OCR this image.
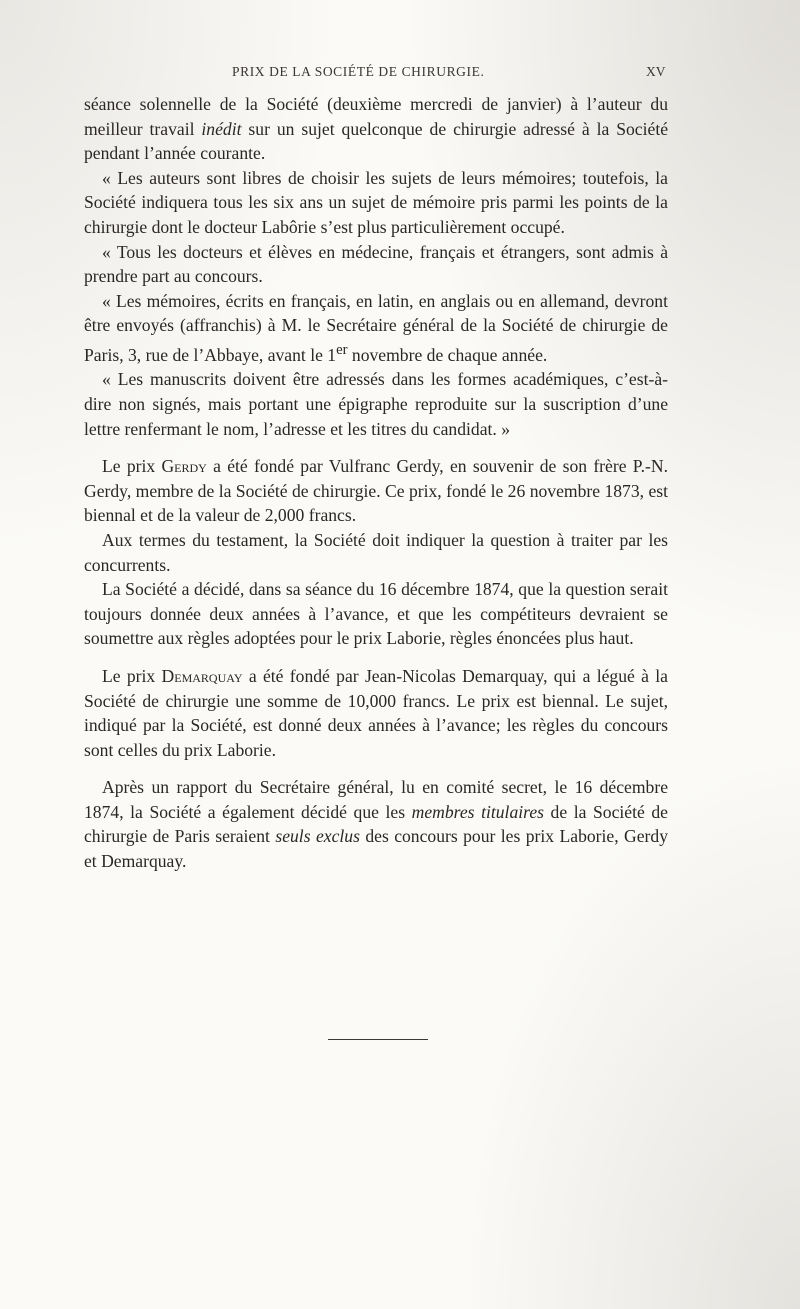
PRIX DE LA SOCIÉTÉ DE CHIRURGIE.	XV

séance solennelle de la Société (deuxième mercredi de janvier) à l’auteur du meilleur travail inédit sur un sujet quelconque de chirurgie adressé à la Société pendant l’année courante.

« Les auteurs sont libres de choisir les sujets de leurs mémoires; toutefois, la Société indiquera tous les six ans un sujet de mémoire pris parmi les points de la chirurgie dont le docteur Labôrie s’est plus particulièrement occupé.

« Tous les docteurs et élèves en médecine, français et étrangers, sont admis à prendre part au concours.

« Les mémoires, écrits en français, en latin, en anglais ou en allemand, devront être envoyés (affranchis) à M. le Secrétaire général de la Société de chirurgie de Paris, 3, rue de l’Abbaye, avant le 1er novembre de chaque année.

« Les manuscrits doivent être adressés dans les formes académiques, c’est-à-dire non signés, mais portant une épigraphe reproduite sur la suscription d’une lettre renfermant le nom, l’adresse et les titres du candidat. »

Le prix Gerdy a été fondé par Vulfranc Gerdy, en souvenir de son frère P.-N. Gerdy, membre de la Société de chirurgie. Ce prix, fondé le 26 novembre 1873, est biennal et de la valeur de 2,000 francs.

Aux termes du testament, la Société doit indiquer la question à traiter par les concurrents.

La Société a décidé, dans sa séance du 16 décembre 1874, que la question serait toujours donnée deux années à l’avance, et que les compétiteurs devraient se soumettre aux règles adoptées pour le prix Laborie, règles énoncées plus haut.

Le prix Demarquay a été fondé par Jean-Nicolas Demarquay, qui a légué à la Société de chirurgie une somme de 10,000 francs. Le prix est biennal. Le sujet, indiqué par la Société, est donné deux années à l’avance; les règles du concours sont celles du prix Laborie.

Après un rapport du Secrétaire général, lu en comité secret, le 16 décembre 1874, la Société a également décidé que les membres titulaires de la Société de chirurgie de Paris seraient seuls exclus des concours pour les prix Laborie, Gerdy et Demarquay.
